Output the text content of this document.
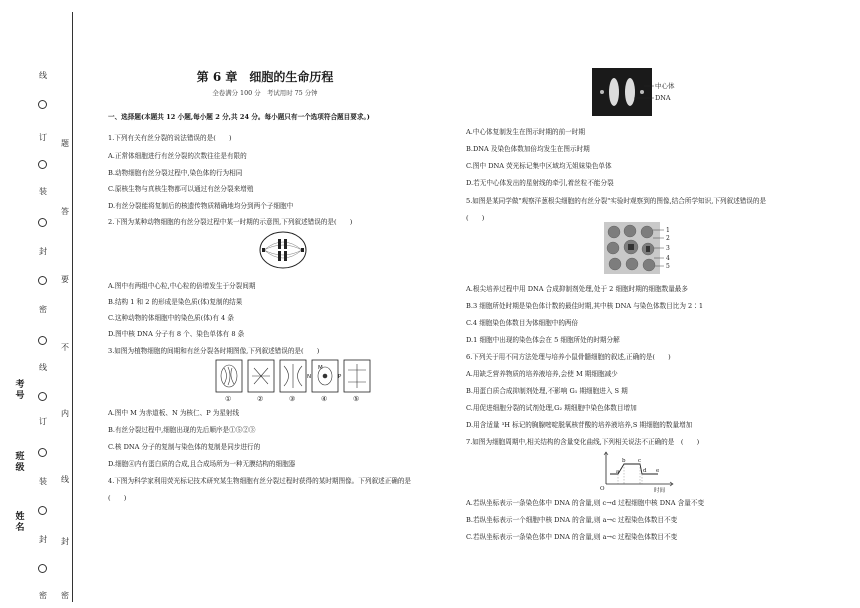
线
订
装
封
密
线
订
装
封
密
题
答
要
不
内
线
封
密
考号
班级
姓名
第 6 章　细胞的生命历程
全卷满分 100 分　考试用时 75 分钟
一、选择题(本题共 12 小题,每小题 2 分,共 24 分。每小题只有一个选项符合题目要求。)
1.下列有关有丝分裂的说法错误的是(　　)
A.正常体细胞进行有丝分裂的次数往往是有限的
B.动物细胞有丝分裂过程中,染色体的行为相同
C.原核生物与真核生物都可以通过有丝分裂来增殖
D.有丝分裂能将复制后的核遗传物质精确地均分到两个子细胞中
2.下图为某种动物细胞的有丝分裂过程中某一时期的示意图,下列叙述错误的是(　　)
A.图中有两组中心粒,中心粒的倍增发生于分裂间期
B.结构 1 和 2 的形成是染色质(体)复制的结果
C.这种动物的体细胞中的染色质(体)有 4 条
D.图中核 DNA 分子有 8 个、染色单体有 8 条
3.如图为植物细胞的间期和有丝分裂各时期图像,下列叙述错误的是(　　)
M
N	P
①	②	③	④	⑤
A.图中 M 为赤道板、N 为核仁、P 为星射线
B.有丝分裂过程中,细胞出现的先后顺序是①⑤②③
C.核 DNA 分子的复制与染色体的复制是同步进行的
D.细胞④内有蛋白质的合成,且合成场所为一种无膜结构的细胞器
4.下图为科学家利用荧光标记技术研究某生物细胞有丝分裂过程时获得的某时期图像。下列叙述正确的是
(　　)
中心体
DNA
A.中心体复制发生在图示时期的前一时期
B.DNA 及染色体数加倍均发生在图示时期
C.图中 DNA 荧光标记集中区域均无姐妹染色单体
D.若无中心体发出的星射线的牵引,着丝粒不能分裂
5.如图是某同学做"观察洋葱根尖细胞的有丝分裂"实验时观察到的图像,结合所学知识,下列叙述错误的是
(　　)
1
2
3
4
5
A.根尖培养过程中用 DNA 合成抑制剂处理,处于 2 细胞时期的细胞数量最多
B.3 细胞所处时期是染色体计数的最佳时期,其中核 DNA 与染色体数目比为 2∶1
C.4 细胞染色体数目为体细胞中的两倍
D.1 细胞中出现的染色体会在 5 细胞所处的时期分解
6.下列关于用不同方法处理与培养小鼠骨髓细胞的叙述,正确的是(　　)
A.用缺乏营养物质的培养液培养,会使 M 期细胞减少
B.用蛋白质合成抑制剂处理,不影响 G₁ 期细胞进入 S 期
C.用促进细胞分裂的试剂处理,G₂ 期细胞中染色体数目增加
D.用含适量 ³H 标记的胸腺嘧啶脱氧核苷酸的培养液培养,S 期细胞的数量增加
7.如图为细胞周期中,相关结构的含量变化曲线,下列相关说法不正确的是　(　　)
O
a
b c
d e
时间
A.若纵坐标表示一条染色体中 DNA 的含量,则 c→d 过程细胞中核 DNA 含量不变
B.若纵坐标表示一个细胞中核 DNA 的含量,则 a→c 过程染色体数目不变
C.若纵坐标表示一条染色体中 DNA 的含量,则 a→c 过程染色体数目不变
